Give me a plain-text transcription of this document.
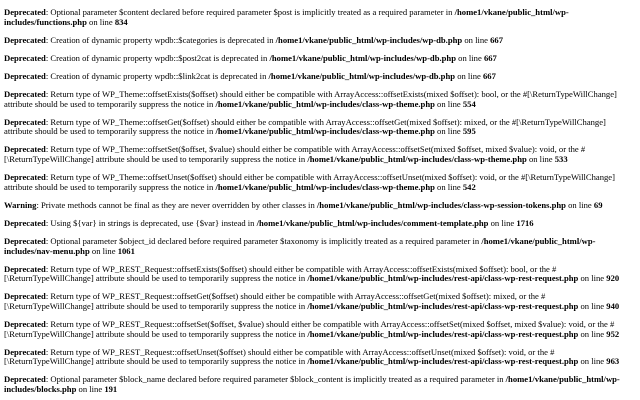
Deprecated: Optional parameter $content declared before required parameter $post is implicitly treated as a required parameter in /home1/vkane/public_html/wp-includes/functions.php on line 834
Deprecated: Creation of dynamic property wpdb::$categories is deprecated in /home1/vkane/public_html/wp-includes/wp-db.php on line 667
Deprecated: Creation of dynamic property wpdb::$post2cat is deprecated in /home1/vkane/public_html/wp-includes/wp-db.php on line 667
Deprecated: Creation of dynamic property wpdb::$link2cat is deprecated in /home1/vkane/public_html/wp-includes/wp-db.php on line 667
Deprecated: Return type of WP_Theme::offsetExists($offset) should either be compatible with ArrayAccess::offsetExists(mixed $offset): bool, or the #[\ReturnTypeWillChange] attribute should be used to temporarily suppress the notice in /home1/vkane/public_html/wp-includes/class-wp-theme.php on line 554
Deprecated: Return type of WP_Theme::offsetGet($offset) should either be compatible with ArrayAccess::offsetGet(mixed $offset): mixed, or the #[\ReturnTypeWillChange] attribute should be used to temporarily suppress the notice in /home1/vkane/public_html/wp-includes/class-wp-theme.php on line 595
Deprecated: Return type of WP_Theme::offsetSet($offset, $value) should either be compatible with ArrayAccess::offsetSet(mixed $offset, mixed $value): void, or the #[\ReturnTypeWillChange] attribute should be used to temporarily suppress the notice in /home1/vkane/public_html/wp-includes/class-wp-theme.php on line 533
Deprecated: Return type of WP_Theme::offsetUnset($offset) should either be compatible with ArrayAccess::offsetUnset(mixed $offset): void, or the #[\ReturnTypeWillChange] attribute should be used to temporarily suppress the notice in /home1/vkane/public_html/wp-includes/class-wp-theme.php on line 542
Warning: Private methods cannot be final as they are never overridden by other classes in /home1/vkane/public_html/wp-includes/class-wp-session-tokens.php on line 69
Deprecated: Using ${var} in strings is deprecated, use {$var} instead in /home1/vkane/public_html/wp-includes/comment-template.php on line 1716
Deprecated: Optional parameter $object_id declared before required parameter $taxonomy is implicitly treated as a required parameter in /home1/vkane/public_html/wp-includes/nav-menu.php on line 1061
Deprecated: Return type of WP_REST_Request::offsetExists($offset) should either be compatible with ArrayAccess::offsetExists(mixed $offset): bool, or the #[\ReturnTypeWillChange] attribute should be used to temporarily suppress the notice in /home1/vkane/public_html/wp-includes/rest-api/class-wp-rest-request.php on line 920
Deprecated: Return type of WP_REST_Request::offsetGet($offset) should either be compatible with ArrayAccess::offsetGet(mixed $offset): mixed, or the #[\ReturnTypeWillChange] attribute should be used to temporarily suppress the notice in /home1/vkane/public_html/wp-includes/rest-api/class-wp-rest-request.php on line 940
Deprecated: Return type of WP_REST_Request::offsetSet($offset, $value) should either be compatible with ArrayAccess::offsetSet(mixed $offset, mixed $value): void, or the #[\ReturnTypeWillChange] attribute should be used to temporarily suppress the notice in /home1/vkane/public_html/wp-includes/rest-api/class-wp-rest-request.php on line 952
Deprecated: Return type of WP_REST_Request::offsetUnset($offset) should either be compatible with ArrayAccess::offsetUnset(mixed $offset): void, or the #[\ReturnTypeWillChange] attribute should be used to temporarily suppress the notice in /home1/vkane/public_html/wp-includes/rest-api/class-wp-rest-request.php on line 963
Deprecated: Optional parameter $block_name declared before required parameter $block_content is implicitly treated as a required parameter in /home1/vkane/public_html/wp-includes/blocks.php on line 191
